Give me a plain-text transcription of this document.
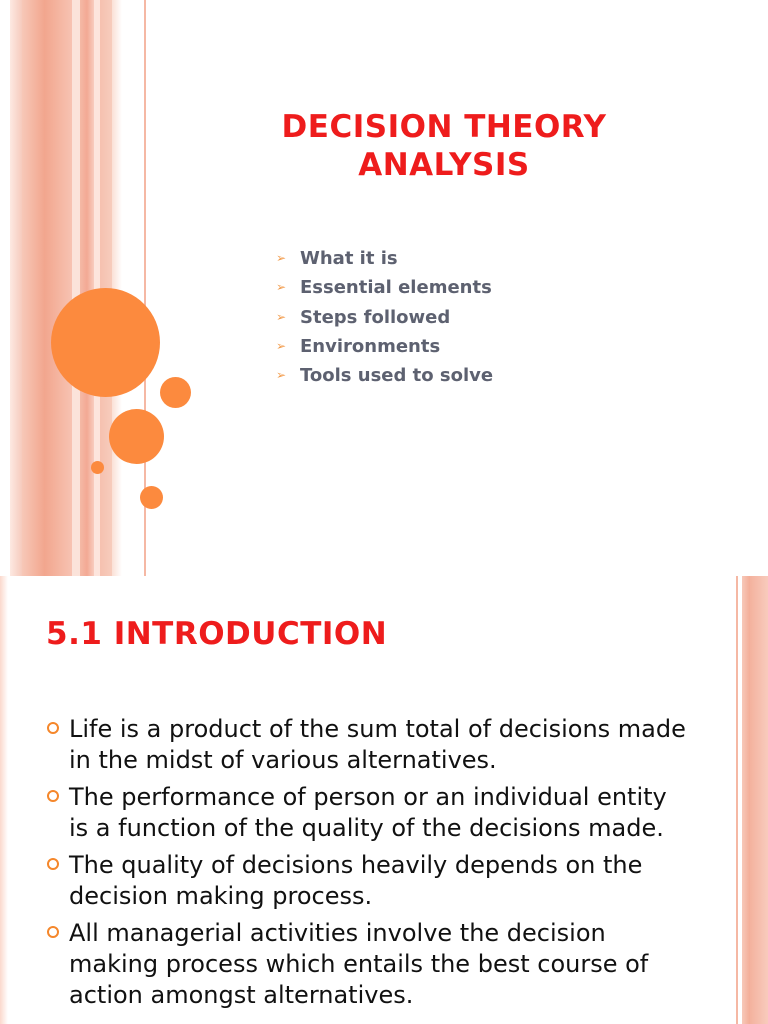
DECISION THEORY
ANALYSIS
➢ What it is
➢ Essential elements
➢ Steps followed
➢ Environments
➢ Tools used to solve
5.1 INTRODUCTION
Life is a product of the sum total of decisions made in the midst of various alternatives.
The performance of person or an individual entity is a function of the quality of the decisions made.
The quality of decisions heavily depends on the decision making process.
All managerial activities involve the decision making process which entails the best course of action amongst alternatives.
